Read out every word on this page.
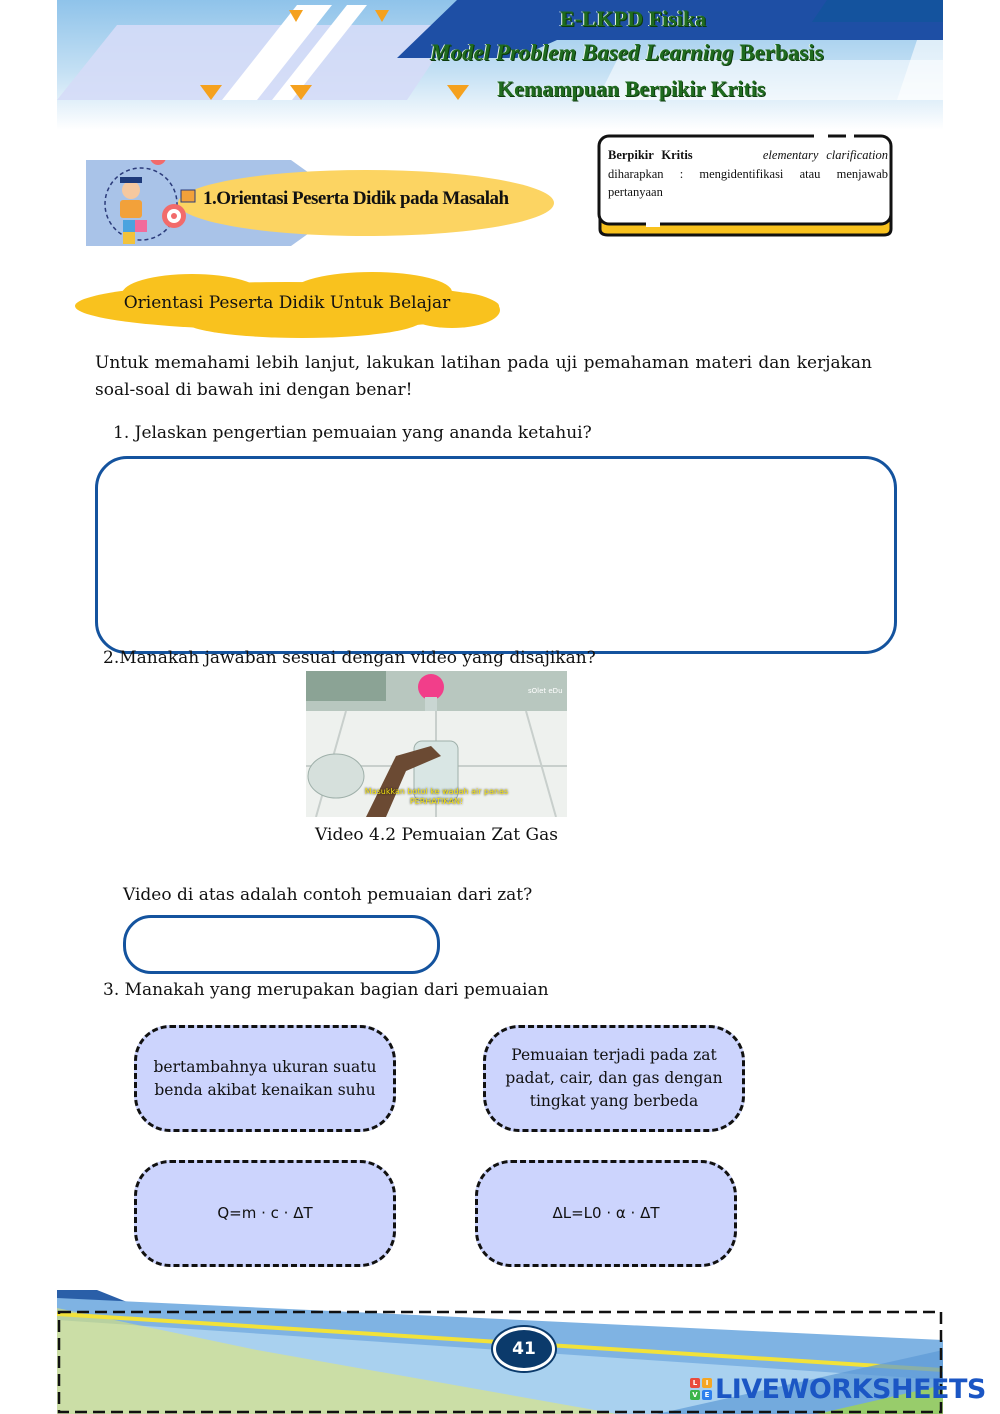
E-LKPD Fisika
Model Problem Based Learning Berbasis
Kemampuan Berpikir Kritis
1.Orientasi Peserta Didik pada Masalah
Berpikir Kritis	elementary clarification diharapkan : mengidentifikasi atau menjawab pertanyaan
Orientasi Peserta Didik Untuk Belajar
Untuk memahami lebih lanjut, lakukan latihan pada uji pemahaman materi dan kerjakan soal-soal di bawah ini dengan benar!
1. Jelaskan pengertian pemuaian yang ananda ketahui?
2.Manakah jawaban sesuai dengan video yang disajikan?
sOlet eDu
Masukkan botol ke wadah air panas
PERHATIKAN!
Video 4.2 Pemuaian Zat Gas
Video di atas adalah contoh pemuaian dari zat?
3. Manakah yang merupakan bagian dari pemuaian
bertambahnya ukuran suatu benda akibat kenaikan suhu
Pemuaian terjadi pada zat padat, cair, dan gas dengan tingkat yang berbeda
Q=m · c · ΔT	ΔL=L0 · α · ΔT
41
L	I
V E LIVEWORKSHEETS
